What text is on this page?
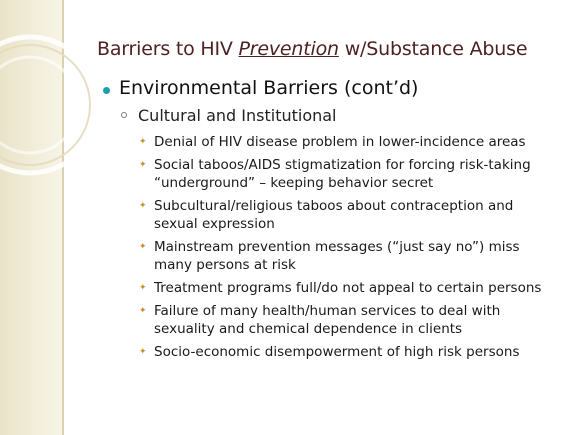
Barriers to HIV Prevention w/Substance Abuse
Environmental Barriers (cont’d)
Cultural and Institutional
✦ Denial of HIV disease problem in lower-incidence areas
✦ Social taboos/AIDS stigmatization for forcing risk-taking “underground” – keeping behavior secret
✦ Subcultural/religious taboos about contraception and sexual expression
✦ Mainstream prevention messages (“just say no”) miss many persons at risk
✦ Treatment programs full/do not appeal to certain persons
✦ Failure of many health/human services to deal with sexuality and chemical dependence in clients
✦ Socio-economic disempowerment of high risk persons
